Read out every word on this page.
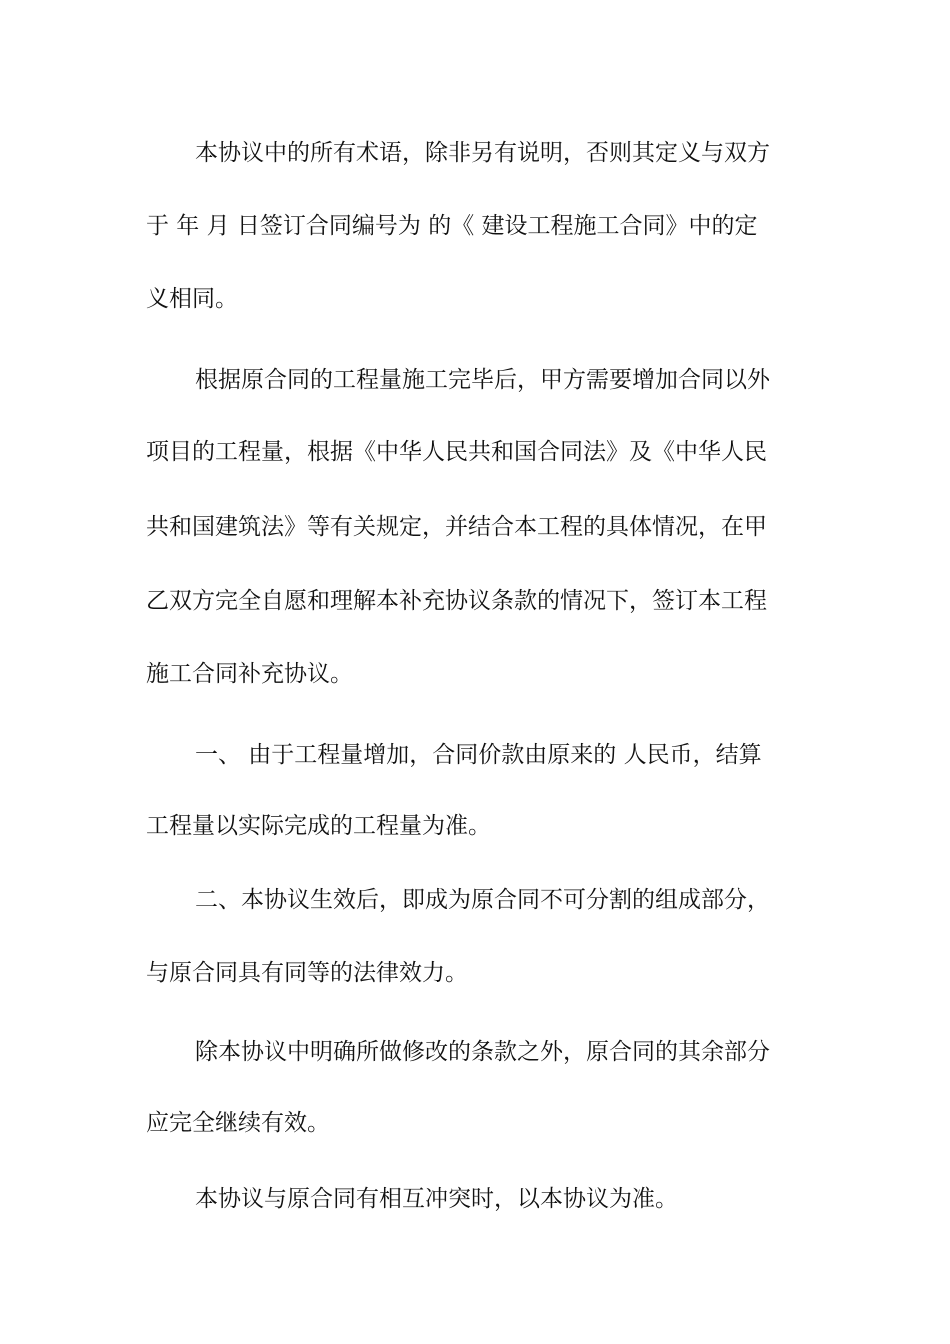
本协议中的所有术语，除非另有说明，否则其定义与双方
于 年 月 日签订合同编号为 的《 建设工程施工合同》中的定
义相同。
根据原合同的工程量施工完毕后，甲方需要增加合同以外
项目的工程量，根据《中华人民共和国合同法》及《中华人民
共和国建筑法》等有关规定，并结合本工程的具体情况，在甲
乙双方完全自愿和理解本补充协议条款的情况下，签订本工程
施工合同补充协议。
一、 由于工程量增加，合同价款由原来的 人民币，结算
工程量以实际完成的工程量为准。
二、本协议生效后，即成为原合同不可分割的组成部分，
与原合同具有同等的法律效力。
除本协议中明确所做修改的条款之外，原合同的其余部分
应完全继续有效。
本协议与原合同有相互冲突时，以本协议为准。
